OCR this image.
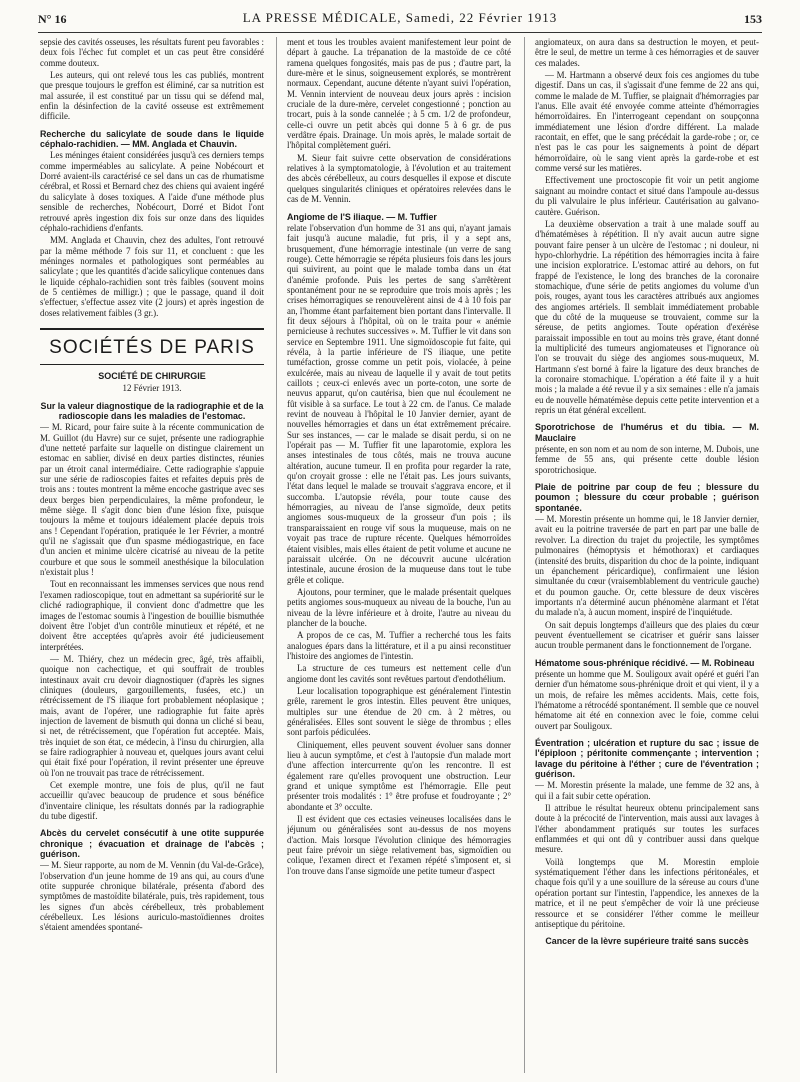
N° 16	LA PRESSE MÉDICALE, Samedi, 22 Février 1913	153

sepsie des cavités osseuses, les résultats furent peu favorables : deux fois l'échec fut complet et un cas peut être considéré comme douteux.

Les auteurs, qui ont relevé tous les cas publiés, montrent que presque toujours le greffon est éliminé, car sa nutrition est mal assurée, il est constitué par un tissu qui se défend mal, enfin la désinfection de la cavité osseuse est extrêmement difficile.

Recherche du salicylate de soude dans le liquide céphalo-rachidien. — MM. Anglada et Chauvin.

Les méninges étaient considérées jusqu'à ces derniers temps comme imperméables au salicylate. A peine Nobécourt et Dorré avaient-ils caractérisé ce sel dans un cas de rhumatisme cérébral, et Rossi et Bernard chez des chiens qui avaient ingéré du salicylate à doses toxiques. A l'aide d'une méthode plus sensible de recherches, Nobécourt, Dorré et Bidot l'ont retrouvé après ingestion dix fois sur onze dans des liquides céphalo-rachidiens d'enfants.

MM. Anglada et Chauvin, chez des adultes, l'ont retrouvé par la même méthode 7 fois sur 11, et concluent : que les méninges normales et pathologiques sont perméables au salicylate ; que les quantités d'acide salicylique contenues dans le liquide céphalo-rachidien sont très faibles (souvent moins de 5 centièmes de milligr.) ; que le passage, quand il doit s'effectuer, s'effectue assez vite (2 jours) et après ingestion de doses relativement faibles (3 gr.).

SOCIÉTÉS DE PARIS
SOCIÉTÉ DE CHIRURGIE
12 Février 1913.
Sur la valeur diagnostique de la radiographie et de la radioscopie dans les maladies de l'estomac.

— M. Ricard, pour faire suite à la récente communication de M. Guillot (du Havre) sur ce sujet, présente une radiographie d'une netteté parfaite sur laquelle on distingue clairement un estomac en sablier, divisé en deux parties distinctes, réunies par un étroit canal intermédiaire. Cette radiographie s'appuie sur une série de radioscopies faites et refaites depuis près de trois ans : toutes montrent la même encoche gastrique avec ses deux berges bien perpendiculaires, la même profondeur, le même siège. Il s'agit donc bien d'une lésion fixe, puisque toujours la même et toujours idéalement placée depuis trois ans ! Cependant l'opération, pratiquée le 1er Février, a montré qu'il ne s'agissait que d'un spasme médiogastrique, en face d'un ancien et minime ulcère cicatrisé au niveau de la petite courbure et que sous le sommeil anesthésique la biloculation n'existait plus !

Tout en reconnaissant les immenses services que nous rend l'examen radioscopique, tout en admettant sa supériorité sur le cliché radiographique, il convient donc d'admettre que les images de l'estomac soumis à l'ingestion de bouillie bismuthée doivent être l'objet d'un contrôle minutieux et répété, et ne doivent être acceptées qu'après avoir été judicieusement interprétées.

— M. Thiéry, chez un médecin grec, âgé, très affaibli, quoique non cachectique, et qui souffrait de troubles intestinaux avait cru devoir diagnostiquer (d'après les signes cliniques (douleurs, gargouillements, fusées, etc.) un rétrécissement de l'S iliaque fort probablement néoplasique ; mais, avant de l'opérer, une radiographie fut faite après injection de lavement de bismuth qui donna un cliché si beau, si net, de rétrécissement, que l'opération fut acceptée. Mais, très inquiet de son état, ce médecin, à l'insu du chirurgien, alla se faire radiographier à nouveau et, quelques jours avant celui qui était fixé pour l'opération, il revint présenter une épreuve où l'on ne trouvait pas trace de rétrécissement.

Cet exemple montre, une fois de plus, qu'il ne faut accueillir qu'avec beaucoup de prudence et sous bénéfice d'inventaire clinique, les résultats donnés par la radiographie du tube digestif.

Abcès du cervelet consécutif à une otite suppurée chronique ; évacuation et drainage de l'abcès ; guérison.

— M. Sieur rapporte, au nom de M. Vennin (du Val-de-Grâce), l'observation d'un jeune homme de 19 ans qui, au cours d'une otite suppurée chronique bilatérale, présenta d'abord des symptômes de mastoïdite bilatérale, puis, très rapidement, tous les signes d'un abcès cérébelleux, très probablement cérébelleux. Les lésions auriculo-mastoïdiennes droites s'étaient amendées spontané-

ment et tous les troubles avaient manifestement leur point de départ à gauche. La trépanation de la mastoïde de ce côté ramena quelques fongosités, mais pas de pus ; d'autre part, la dure-mère et le sinus, soigneusement explorés, se montrèrent normaux. Cependant, aucune détente n'ayant suivi l'opération, M. Vennin intervient de nouveau deux jours après : incision cruciale de la dure-mère, cervelet congestionné ; ponction au trocart, puis à la sonde cannelée ; à 5 cm. 1/2 de profondeur, celle-ci ouvre un petit abcès qui donne 5 à 6 gr. de pus verdâtre épais. Drainage. Un mois après, le malade sortait de l'hôpital complètement guéri.

M. Sieur fait suivre cette observation de considérations relatives à la symptomatologie, à l'évolution et au traitement des abcès cérébelleux, au cours desquelles il expose et discute quelques singularités cliniques et opératoires relevées dans le cas de M. Vennin.

Angiome de l'S iliaque. — M. Tuffier

relate l'observation d'un homme de 31 ans qui, n'ayant jamais fait jusqu'à aucune maladie, fut pris, il y a sept ans, brusquement, d'une hémorragie intestinale (un verre de sang rouge). Cette hémorragie se répéta plusieurs fois dans les jours qui suivirent, au point que le malade tomba dans un état d'anémie profonde. Puis les pertes de sang s'arrêtèrent spontanément pour ne se reproduire que trois mois après ; les crises hémorragiques se renouvelèrent ainsi de 4 à 10 fois par an, l'homme étant parfaitement bien portant dans l'intervalle. Il fit deux séjours à l'hôpital, où on le traita pour « anémie pernicieuse à rechutes successives ». M. Tuffier le vit dans son service en Septembre 1911. Une sigmoïdoscopie fut faite, qui révéla, à la partie inférieure de l'S iliaque, une petite tuméfaction, grosse comme un petit pois, violacée, à peine exulcérée, mais au niveau de laquelle il y avait de tout petits caillots ; ceux-ci enlevés avec un porte-coton, une sorte de neuvus apparut, qu'on cautérisa, bien que nul écoulement ne fût visible à sa surface. Le tout à 22 cm. de l'anus. Ce malade revint de nouveau à l'hôpital le 10 Janvier dernier, ayant de nouvelles hémorragies et dans un état extrêmement précaire. Sur ses instances, — car le malade se disait perdu, si on ne l'opérait pas — M. Tuffier fit une laparotomie, explora les anses intestinales de tous côtés, mais ne trouva aucune altération, aucune tumeur. Il en profita pour regarder la rate, qu'on croyait grosse : elle ne l'était pas. Les jours suivants, l'état dans lequel le malade se trouvait s'aggrava encore, et il succomba. L'autopsie révéla, pour toute cause des hémorragies, au niveau de l'anse sigmoïde, deux petits angiomes sous-muqueux de la grosseur d'un pois ; ils transparaissaient en rouge vif sous la muqueuse, mais on ne voyait pas trace de rupture récente. Quelques hémorroïdes étaient visibles, mais elles étaient de petit volume et aucune ne paraissait ulcérée. On ne découvrit aucune ulcération intestinale, aucune érosion de la muqueuse dans tout le tube grêle et colique.

Ajoutons, pour terminer, que le malade présentait quelques petits angiomes sous-muqueux au niveau de la bouche, l'un au niveau de la lèvre inférieure et à droite, l'autre au niveau du plancher de la bouche.

A propos de ce cas, M. Tuffier a recherché tous les faits analogues épars dans la littérature, et il a pu ainsi reconstituer l'histoire des angiomes de l'intestin.

La structure de ces tumeurs est nettement celle d'un angiome dont les cavités sont revêtues partout d'endothélium.

Leur localisation topographique est généralement l'intestin grêle, rarement le gros intestin. Elles peuvent être uniques, multiples sur une étendue de 20 cm. à 2 mètres, ou généralisées. Elles sont souvent le siège de thrombus ; elles sont parfois pédiculées.

Cliniquement, elles peuvent souvent évoluer sans donner lieu à aucun symptôme, et c'est à l'autopsie d'un malade mort d'une affection intercurrente qu'on les rencontre. Il est également rare qu'elles provoquent une obstruction. Leur grand et unique symptôme est l'hémorragie. Elle peut présenter trois modalités : 1° être profuse et foudroyante ; 2° abondante et 3° occulte.

Il est évident que ces ectasies veineuses localisées dans le jéjunum ou généralisées sont au-dessus de nos moyens d'action. Mais lorsque l'évolution clinique des hémorragies peut faire prévoir un siège relativement bas, sigmoïdien ou colique, l'examen direct et l'examen répété s'imposent et, si l'on trouve dans l'anse sigmoïde une petite tumeur d'aspect

angiomateux, on aura dans sa destruction le moyen, et peut-être le seul, de mettre un terme à ces hémorragies et de sauver ces malades.

— M. Hartmann a observé deux fois ces angiomes du tube digestif. Dans un cas, il s'agissait d'une femme de 22 ans qui, comme le malade de M. Tuffier, se plaignait d'hémorragies par l'anus. Elle avait été envoyée comme atteinte d'hémorragies hémorroïdaires. En l'interrogeant cependant on soupçonna immédiatement une lésion d'ordre différent. La malade racontait, en effet, que le sang précédait la garde-robe ; or, ce n'est pas le cas pour les saignements à point de départ hémorroïdaire, où le sang vient après la garde-robe et est comme versé sur les matières.

Effectivement une proctoscopie fit voir un petit angiome saignant au moindre contact et situé dans l'ampoule au-dessus du pli valvulaire le plus inférieur. Cautérisation au galvano-cautère. Guérison.

La deuxième observation a trait à une malade souff au d'hématémèses à répétition. Il n'y avait aucun autre signe pouvant faire penser à un ulcère de l'estomac ; ni douleur, ni hypo-chlorhydrie. La répétition des hémorragies incita à faire une incision exploratrice. L'estomac attiré au dehors, on fut frappé de l'existence, le long des branches de la coronaire stomachique, d'une série de petits angiomes du volume d'un pois, rouges, ayant tous les caractères attribués aux angiomes des angiomes artériels. Il semblait immédiatement probable que du côté de la muqueuse se trouvaient, comme sur la séreuse, de petits angiomes. Toute opération d'exérèse paraissait impossible en tout au moins très grave, étant donné la multiplicité des tumeurs angiomateuses et l'ignorance où l'on se trouvait du siège des angiomes sous-muqueux, M. Hartmann s'est borné à faire la ligature des deux branches de la coronaire stomachique. L'opération a été faite il y a huit mois ; la malade a été revue il y a six semaines : elle n'a jamais eu de nouvelle hématémèse depuis cette petite intervention et a repris un état général excellent.

Sporotrichose de l'humérus et du tibia. — M. Mauclaire

présente, en son nom et au nom de son interne, M. Dubois, une femme de 55 ans, qui présente cette double lésion sporotrichosique.

Plaie de poitrine par coup de feu ; blessure du poumon ; blessure du cœur probable ; guérison spontanée.

— M. Morestin présente un homme qui, le 18 Janvier dernier, avait eu la poitrine traversée de part en part par une balle de revolver. La direction du trajet du projectile, les symptômes pulmonaires (hémoptysis et hémothorax) et cardiaques (intensité des bruits, disparition du choc de la pointe, indiquant un épanchement péricardique), confirmaient une lésion simultanée du cœur (vraisemblablement du ventricule gauche) et du poumon gauche. Or, cette blessure de deux viscères importants n'a déterminé aucun phénomène alarmant et l'état du malade n'a, à aucun moment, inspiré de l'inquiétude.

On sait depuis longtemps d'ailleurs que des plaies du cœur peuvent éventuellement se cicatriser et guérir sans laisser aucun trouble permanent dans le fonctionnement de l'organe.

Hématome sous-phrénique récidivé. — M. Robineau

présente un homme que M. Souligoux avait opéré et guéri l'an dernier d'un hématome sous-phrénique droit et qui vient, il y a un mois, de refaire les mêmes accidents. Mais, cette fois, l'hématome a rétrocédé spontanément. Il semble que ce nouvel hématome ait été en connexion avec le foie, comme celui ouvert par Souligoux.

Éventration ; ulcération et rupture du sac ; issue de l'épiploon ; péritonite commençante ; intervention ; lavage du péritoine à l'éther ; cure de l'éventration ; guérison.

— M. Morestin présente la malade, une femme de 32 ans, à qui il a fait subir cette opération.

Il attribue le résultat heureux obtenu principalement sans doute à la précocité de l'intervention, mais aussi aux lavages à l'éther abondamment pratiqués sur toutes les surfaces enflammées et qui ont dû y contribuer aussi dans quelque mesure.

Voilà longtemps que M. Morestin emploie systématiquement l'éther dans les infections péritonéales, et chaque fois qu'il y a une souillure de la séreuse au cours d'une opération portant sur l'intestin, l'appendice, les annexes de la matrice, et il ne peut s'empêcher de voir là une précieuse ressource et se considérer l'éther comme le meilleur antiseptique du péritoine.

Cancer de la lèvre supérieure traité sans succès
